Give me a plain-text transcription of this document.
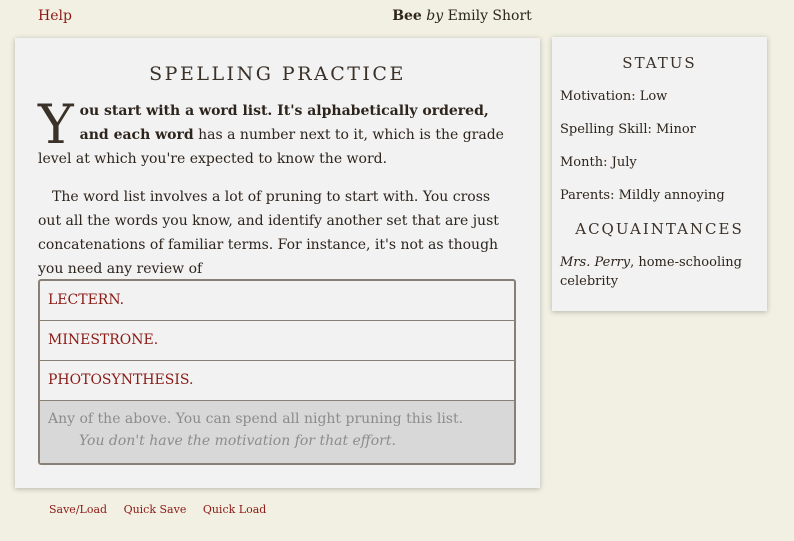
Help	Bee by Emily Short
SPELLING PRACTICE
Y ou start with a word list. It's alphabetically ordered, and each word has a number next to it, which is the grade level at which you're expected to know the word.
The word list involves a lot of pruning to start with. You cross out all the words you know, and identify another set that are just concatenations of familiar terms. For instance, it's not as though you need any review of
LECTERN.
MINESTRONE.
PHOTOSYNTHESIS.
Any of the above. You can spend all night pruning this list.
You don't have the motivation for that effort.
STATUS
Motivation: Low
Spelling Skill: Minor
Month: July
Parents: Mildly annoying
ACQUAINTANCES
Mrs. Perry, home-schooling celebrity
Save/Load Quick Save Quick Load
